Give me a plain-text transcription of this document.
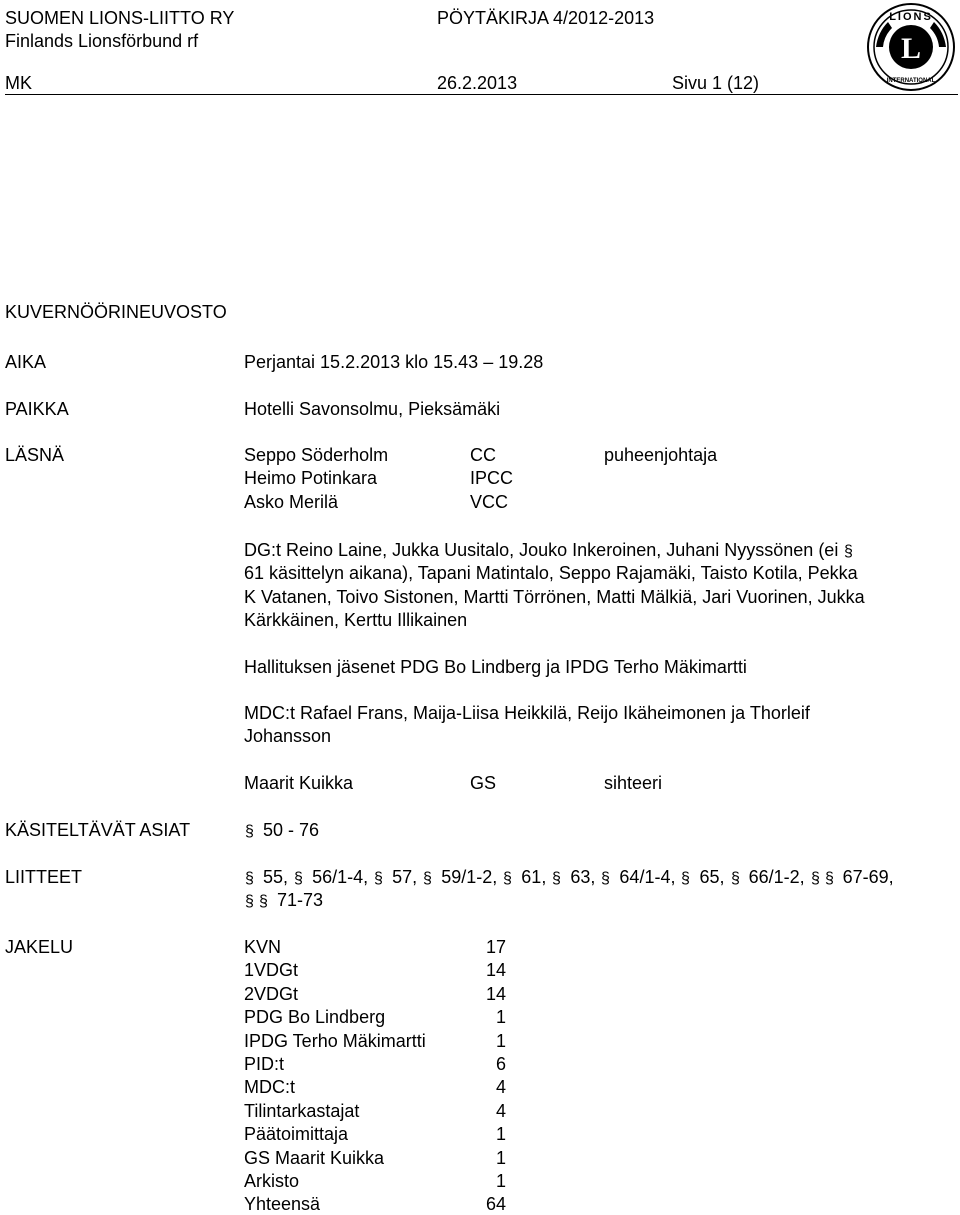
SUOMEN LIONS-LIITTO RY
Finlands Lionsförbund rf
PÖYTÄKIRJA 4/2012-2013
MK	26.2.2013	Sivu 1 (12)
L
LIONS
INTERNATIONAL
KUVERNÖÖRINEUVOSTO
AIKA	Perjantai 15.2.2013 klo 15.43 – 19.28
PAIKKA	Hotelli Savonsolmu, Pieksämäki
LÄSNÄ	Seppo Söderholm	CC	puheenjohtaja
Heimo Potinkara	IPCC
Asko Merilä	VCC
DG:t Reino Laine, Jukka Uusitalo, Jouko Inkeroinen, Juhani Nyyssönen (ei §
61 käsittelyn aikana), Tapani Matintalo, Seppo Rajamäki, Taisto Kotila, Pekka
K Vatanen, Toivo Sistonen, Martti Törrönen, Matti Mälkiä, Jari Vuorinen, Jukka
Kärkkäinen, Kerttu Illikainen
Hallituksen jäsenet PDG Bo Lindberg ja IPDG Terho Mäkimartti
MDC:t Rafael Frans, Maija-Liisa Heikkilä, Reijo Ikäheimonen ja Thorleif
Johansson
Maarit Kuikka	GS	sihteeri
KÄSITELTÄVÄT ASIAT	§ 50 - 76
LIITTEET	§ 55, § 56/1-4, § 57, § 59/1-2, § 61, § 63, § 64/1-4, § 65, § 66/1-2, § § 67-69,
§ § 71-73
JAKELU	KVN	17
1VDGt	14
2VDGt	14
PDG Bo Lindberg	1
IPDG Terho Mäkimartti	1
PID:t	6
MDC:t	4
Tilintarkastajat	4
Päätoimittaja	1
GS Maarit Kuikka	1
Arkisto	1
Yhteensä	64
